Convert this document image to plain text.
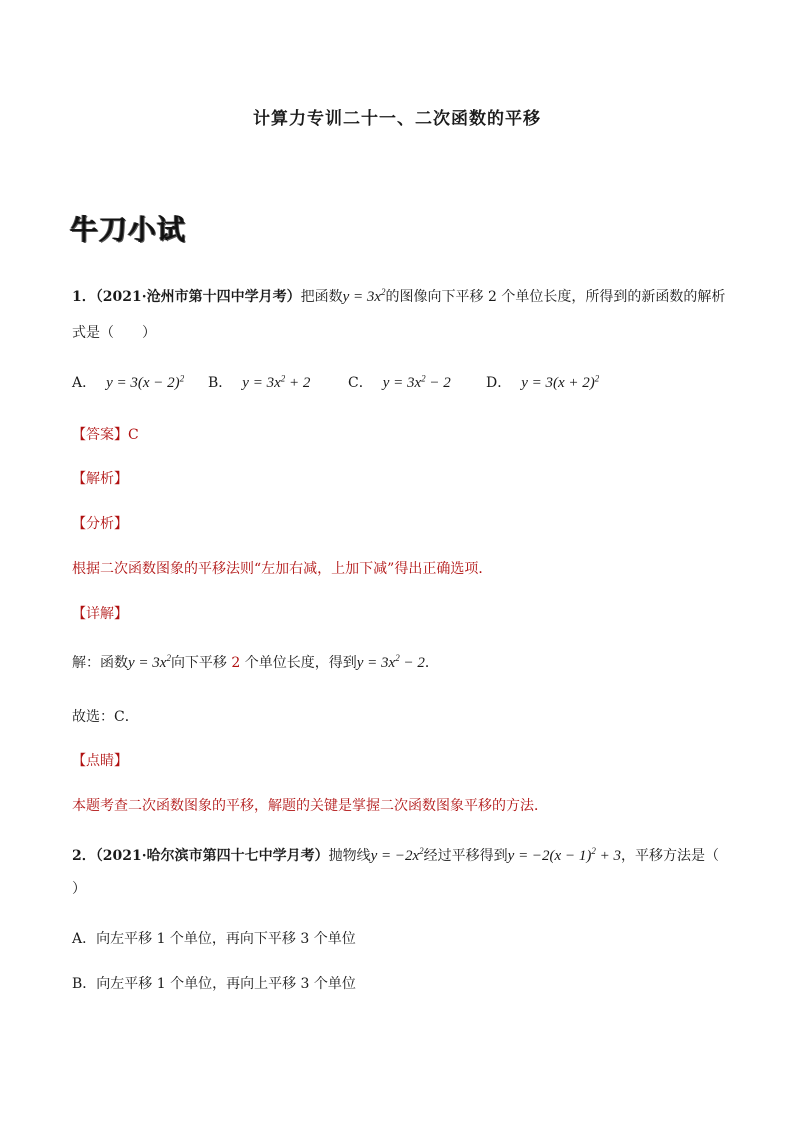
计算力专训二十一、二次函数的平移
牛刀小试
1．（2021·沧州市第十四中学月考）把函数$y = 3x^2$的图像向下平移 2 个单位长度，所得到的新函数的解析
式是（　　）
A． $y = 3(x - 2)^2$ B． $y = 3x^2 + 2$	C． $y = 3x^2 - 2$	D． $y = 3(x + 2)^2$
【答案】C
【解析】
【分析】
根据二次函数图象的平移法则“左加右减，上加下减”得出正确选项．
【详解】
解：函数$y = 3x^2$向下平移 2 个单位长度，得到$y = 3x^2 - 2$．
故选：C．
【点睛】
本题考查二次函数图象的平移，解题的关键是掌握二次函数图象平移的方法．
2．（2021·哈尔滨市第四十七中学月考）抛物线$y = -2x^2$经过平移得到$y = -2(x - 1)^2 + 3$，平移方法是（
）
A．向左平移 1 个单位，再向下平移 3 个单位
B．向左平移 1 个单位，再向上平移 3 个单位
